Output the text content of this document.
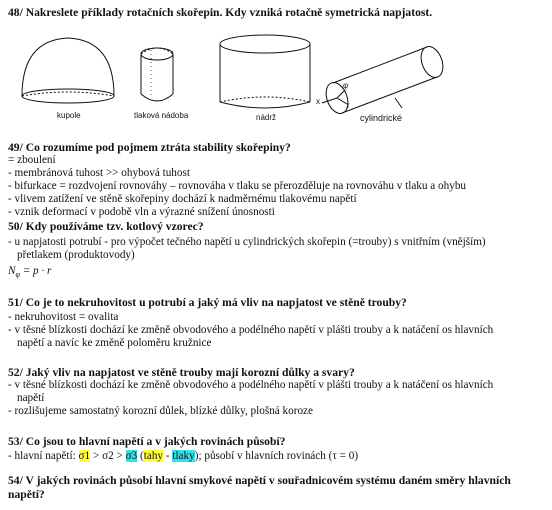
48/ Nakreslete příklady rotačních skořepin. Kdy vzniká rotačně symetrická napjatost.
kupole	tlaková nádoba	nádrž
x
φ
r
cylindrické
49/ Co rozumíme pod pojmem ztráta stability skořepiny?
= zboulení
- membránová tuhost >> ohybová tuhost
- bifurkace = rozdvojení rovnováhy – rovnováha v tlaku se přerozděluje na rovnováhu v tlaku a ohybu
- vlivem zatížení ve stěně skořepiny dochází k nadměrnému tlakovému napětí
- vznik deformací v podobě vln a výrazné snížení únosnosti
50/ Kdy používáme tzv. kotlový vzorec?
- u napjatosti potrubí - pro výpočet tečného napětí u cylindrických skořepin (=trouby) s vnitřním (vnějším)
přetlakem (produktovody)
$N_\varphi = p \cdot r$
51/ Co je to nekruhovitost u potrubí a jaký má vliv na napjatost ve stěně trouby?
- nekruhovitost = ovalita
- v těsné blízkosti dochází ke změně obvodového a podélného napětí v plášti trouby a k natáčení os hlavních
napětí a navíc ke změně poloměru kružnice
52/ Jaký vliv na napjatost ve stěně trouby mají korozní důlky a svary?
- v těsné blízkosti dochází ke změně obvodového a podélného napětí v plášti trouby a k natáčení os hlavních
napětí
- rozlišujeme samostatný korozní důlek, blízké důlky, plošná koroze
53/ Co jsou to hlavní napětí a v jakých rovinách působí?
- hlavní napětí: σ1 > σ2 > σ3 (tahy - tlaky); působí v hlavních rovinách (τ = 0)
54/ V jakých rovinách působí hlavní smykové napětí v souřadnicovém systému daném směry hlavních
napětí?
